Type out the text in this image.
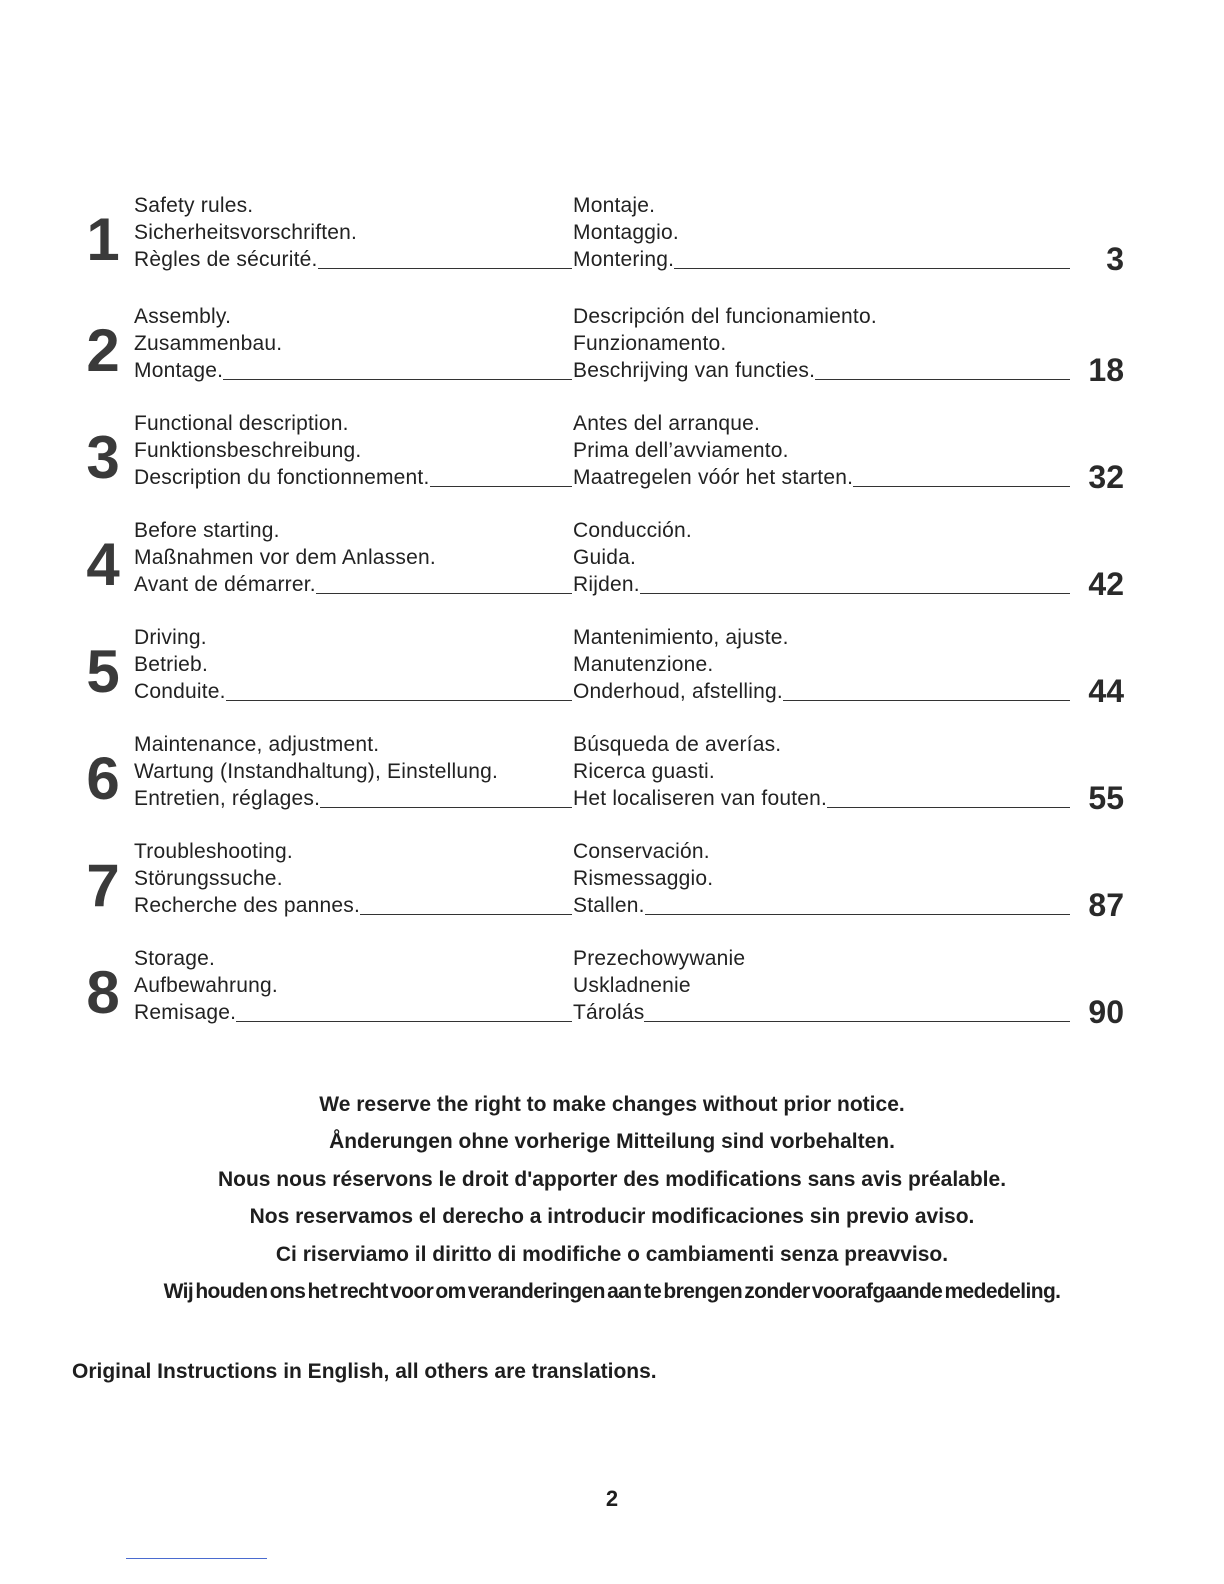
1
Safety rules.
Sicherheitsvorschriften.
Règles de sécurité.
Montaje.
Montaggio.
Montering.	3
2
Assembly.
Zusammenbau.
Montage.
Descripción del funcionamiento.
Funzionamento.
Beschrijving van functies.	18
3
Functional description.
Funktionsbeschreibung.
Description du fonctionnement.
Antes del arranque.
Prima dell’avviamento.
Maatregelen vóór het starten.	32
4
Before starting.
Maßnahmen vor dem Anlassen.
Avant de démarrer.
Conducción.
Guida.
Rijden.	42
5
Driving.
Betrieb.
Conduite.
Mantenimiento, ajuste.
Manutenzione.
Onderhoud, afstelling.	44
6
Maintenance, adjustment.
Wartung (Instandhaltung), Einstellung.
Entretien, réglages.
Búsqueda de averías.
Ricerca guasti.
Het localiseren van fouten.	55
7
Troubleshooting.
Störungssuche.
Recherche des pannes.
Conservación.
Rismessaggio.
Stallen.	87
8
Storage.
Aufbewahrung.
Remisage.
Prezechowywanie
Uskladnenie
Tárolás	90
We reserve the right to make changes without prior notice.
Ånderungen ohne vorherige Mitteilung sind vorbehalten.
Nous nous réservons le droit d'apporter des modifications sans avis préalable.
Nos reservamos el derecho a introducir modificaciones sin previo aviso.
Ci riserviamo il diritto di modifiche o cambiamenti senza preavviso.
Wij houden ons het recht voor om veranderingen aan te brengen zonder voorafgaande mededeling.
Original Instructions in English, all others are translations.
2
